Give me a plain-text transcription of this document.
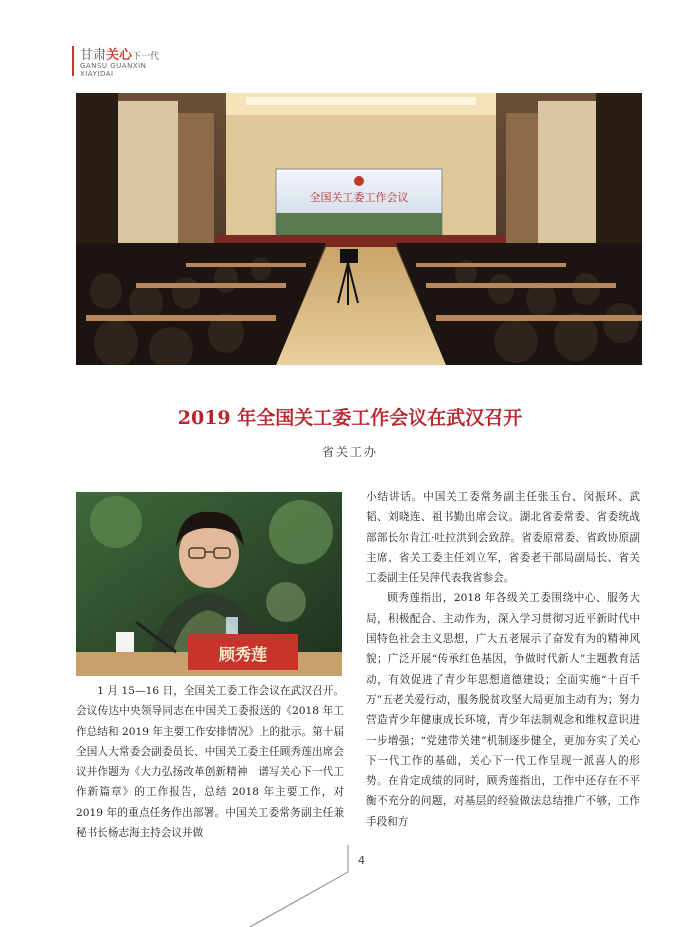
甘肃关心下一代
GANSU GUANXIN
XIAYIDAI
全国关工委工作会议
2019 年全国关工委工作会议在武汉召开
省关工办
顾秀莲

1 月 15—16 日，全国关工委工作会议在武汉召开。会议传达中央领导同志在中国关工委报送的《2018 年工作总结和 2019 年主要工作安排情况》上的批示。第十届全国人大常委会副委员长、中国关工委主任顾秀莲出席会议并作题为《大力弘扬改革创新精神　谱写关心下一代工作新篇章》的工作报告，总结 2018 年主要工作，对 2019 年的重点任务作出部署。中国关工委常务副主任兼秘书长杨志海主持会议并做

小结讲话。中国关工委常务副主任张玉台、闵振环、武韬、刘晓连、祖书勤出席会议。湖北省委常委、省委统战部部长尔肯江·吐拉洪到会致辞。省委原常委、省政协原副主席、省关工委主任刘立军，省委老干部局副局长、省关工委副主任吴萍代表我省参会。

顾秀莲指出，2018 年各级关工委围绕中心、服务大局，积极配合、主动作为，深入学习贯彻习近平新时代中国特色社会主义思想，广大五老展示了奋发有为的精神风貌；广泛开展“传承红色基因，争做时代新人”主题教育活动，有效促进了青少年思想道德建设；全面实施“十百千万”五老关爱行动，服务脱贫攻坚大局更加主动有为；努力营造青少年健康成长环境，青少年法制观念和维权意识进一步增强；“党建带关建”机制逐步健全，更加夯实了关心下一代工作的基础，关心下一代工作呈现一派喜人的形势。在肯定成绩的同时，顾秀莲指出，工作中还存在不平衡不充分的问题，对基层的经验做法总结推广不够，工作手段和方

4
